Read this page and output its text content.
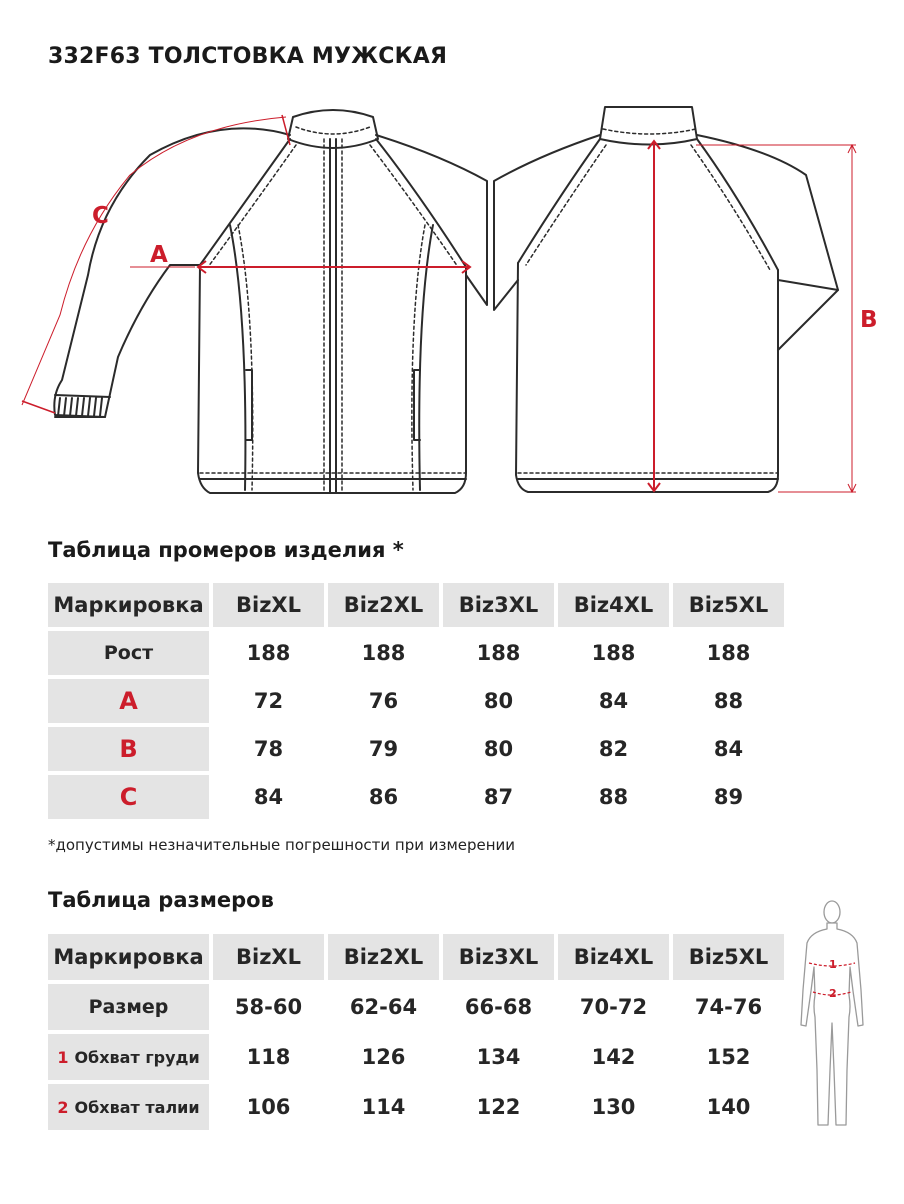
332F63 ТОЛСТОВКА МУЖСКАЯ
A
B
C
Таблица промеров изделия *
Маркировка	BizXL	Biz2XL	Biz3XL	Biz4XL	Biz5XL
Рост	188	188	188	188	188
A	72	76	80	84	88
B	78	79	80	82	84
C	84	86	87	88	89

*допустимы незначительные погрешности при измерении

Таблица размеров
Маркировка	BizXL	Biz2XL	Biz3XL	Biz4XL	Biz5XL
Размер	58-60	62-64	66-68	70-72	74-76
1 Обхват груди	118	126	134	142	152
2 Обхват талии	106	114	122	130	140
1
2
